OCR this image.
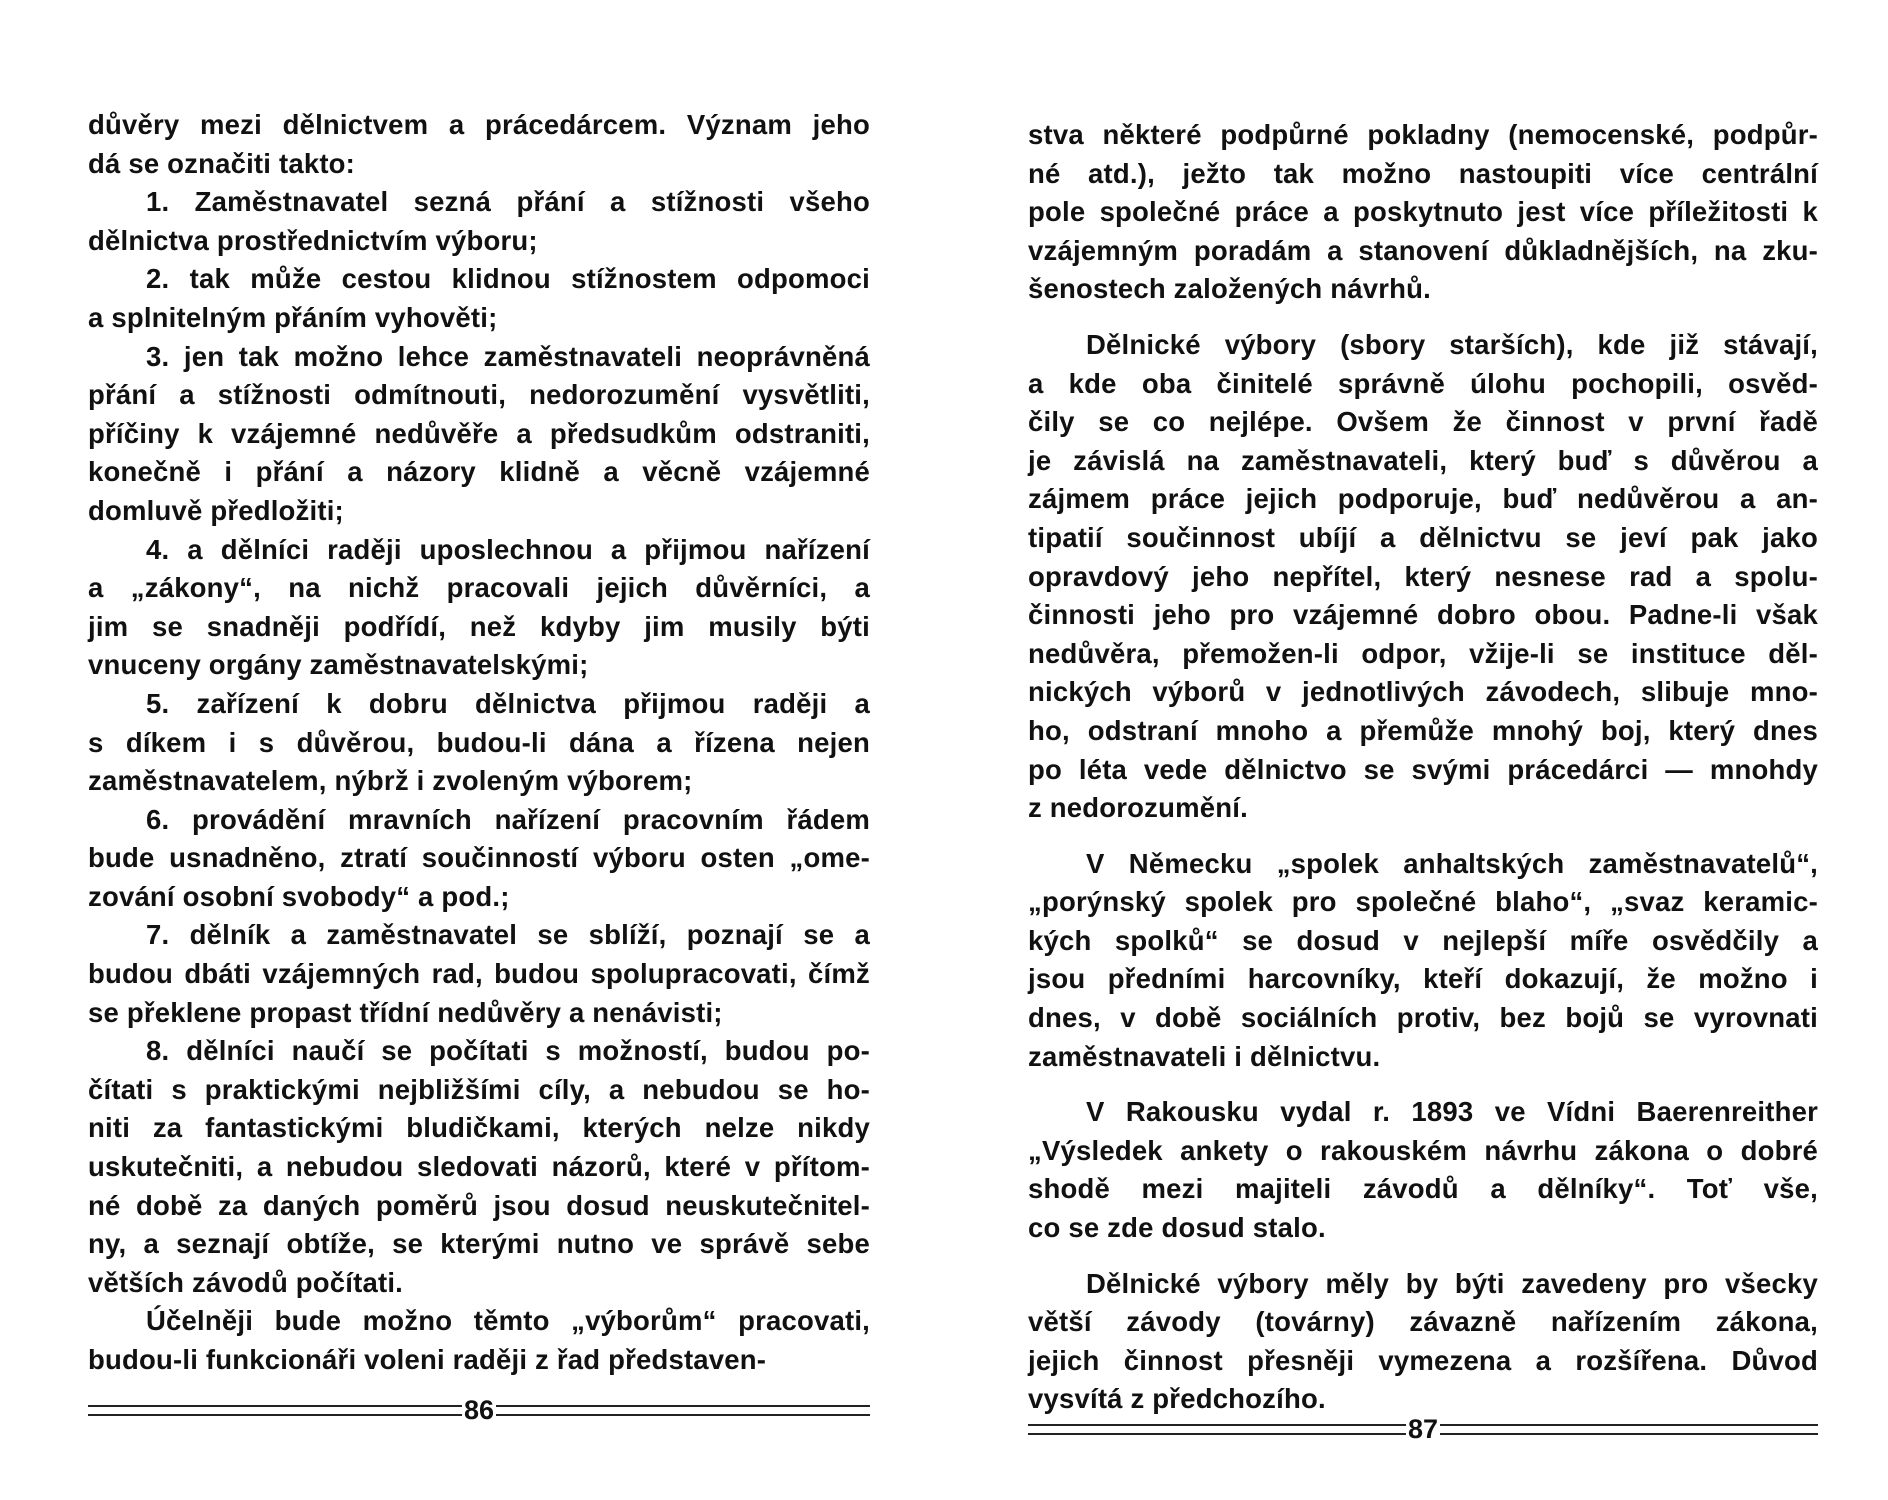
důvěry mezi dělnictvem a prácedárcem. Význam jeho
dá se označiti takto:
1. Zaměstnavatel sezná přání a stížnosti všeho
dělnictva prostřednictvím výboru;
2. tak může cestou klidnou stížnostem odpomoci
a splnitelným přáním vyhověti;
3. jen tak možno lehce zaměstnavateli neoprávněná
přání a stížnosti odmítnouti, nedorozumění vysvětliti,
příčiny k vzájemné nedůvěře a předsudkům odstraniti,
konečně i přání a názory klidně a věcně vzájemné
domluvě předložiti;
4. a dělníci raději uposlechnou a přijmou nařízení
a „zákony“, na nichž pracovali jejich důvěrníci, a
jim se snadněji podřídí, než kdyby jim musily býti
vnuceny orgány zaměstnavatelskými;
5. zařízení k dobru dělnictva přijmou raději a
s díkem i s důvěrou, budou-li dána a řízena nejen
zaměstnavatelem, nýbrž i zvoleným výborem;
6. provádění mravních nařízení pracovním řádem
bude usnadněno, ztratí součinností výboru osten „ome-
zování osobní svobody“ a pod.;
7. dělník a zaměstnavatel se sblíží, poznají se a
budou dbáti vzájemných rad, budou spolupracovati, čímž
se překlene propast třídní nedůvěry a nenávisti;
8. dělníci naučí se počítati s možností, budou po-
čítati s praktickými nejbližšími cíly, a nebudou se ho-
niti za fantastickými bludičkami, kterých nelze nikdy
uskutečniti, a nebudou sledovati názorů, které v přítom-
né době za daných poměrů jsou dosud neuskutečnitel-
ny, a seznají obtíže, se kterými nutno ve správě sebe
větších závodů počítati.
Účelněji bude možno těmto „výborům“ pracovati,
budou-li funkcionáři voleni raději z řad představen-
86
stva některé podpůrné pokladny (nemocenské, podpůr-
né atd.), ježto tak možno nastoupiti více centrální
pole společné práce a poskytnuto jest více příležitosti k
vzájemným poradám a stanovení důkladnějších, na zku-
šenostech založených návrhů.
Dělnické výbory (sbory starších), kde již stávají,
a kde oba činitelé správně úlohu pochopili, osvěd-
čily se co nejlépe. Ovšem že činnost v první řadě
je závislá na zaměstnavateli, který buď s důvěrou a
zájmem práce jejich podporuje, buď nedůvěrou a an-
tipatií součinnost ubíjí a dělnictvu se jeví pak jako
opravdový jeho nepřítel, který nesnese rad a spolu-
činnosti jeho pro vzájemné dobro obou. Padne-li však
nedůvěra, přemožen-li odpor, vžije-li se instituce děl-
nických výborů v jednotlivých závodech, slibuje mno-
ho, odstraní mnoho a přemůže mnohý boj, který dnes
po léta vede dělnictvo se svými prácedárci — mnohdy
z nedorozumění.
V Německu „spolek anhaltských zaměstnavatelů“,
„porýnský spolek pro společné blaho“, „svaz keramic-
kých spolků“ se dosud v nejlepší míře osvědčily a
jsou předními harcovníky, kteří dokazují, že možno i
dnes, v době sociálních protiv, bez bojů se vyrovnati
zaměstnavateli i dělnictvu.
V Rakousku vydal r. 1893 ve Vídni Baerenreither
„Výsledek ankety o rakouském návrhu zákona o dobré
shodě mezi majiteli závodů a dělníky“. Toť vše,
co se zde dosud stalo.
Dělnické výbory měly by býti zavedeny pro všecky
větší závody (továrny) závazně nařízením zákona,
jejich činnost přesněji vymezena a rozšířena. Důvod
vysvítá z předchozího.
87
